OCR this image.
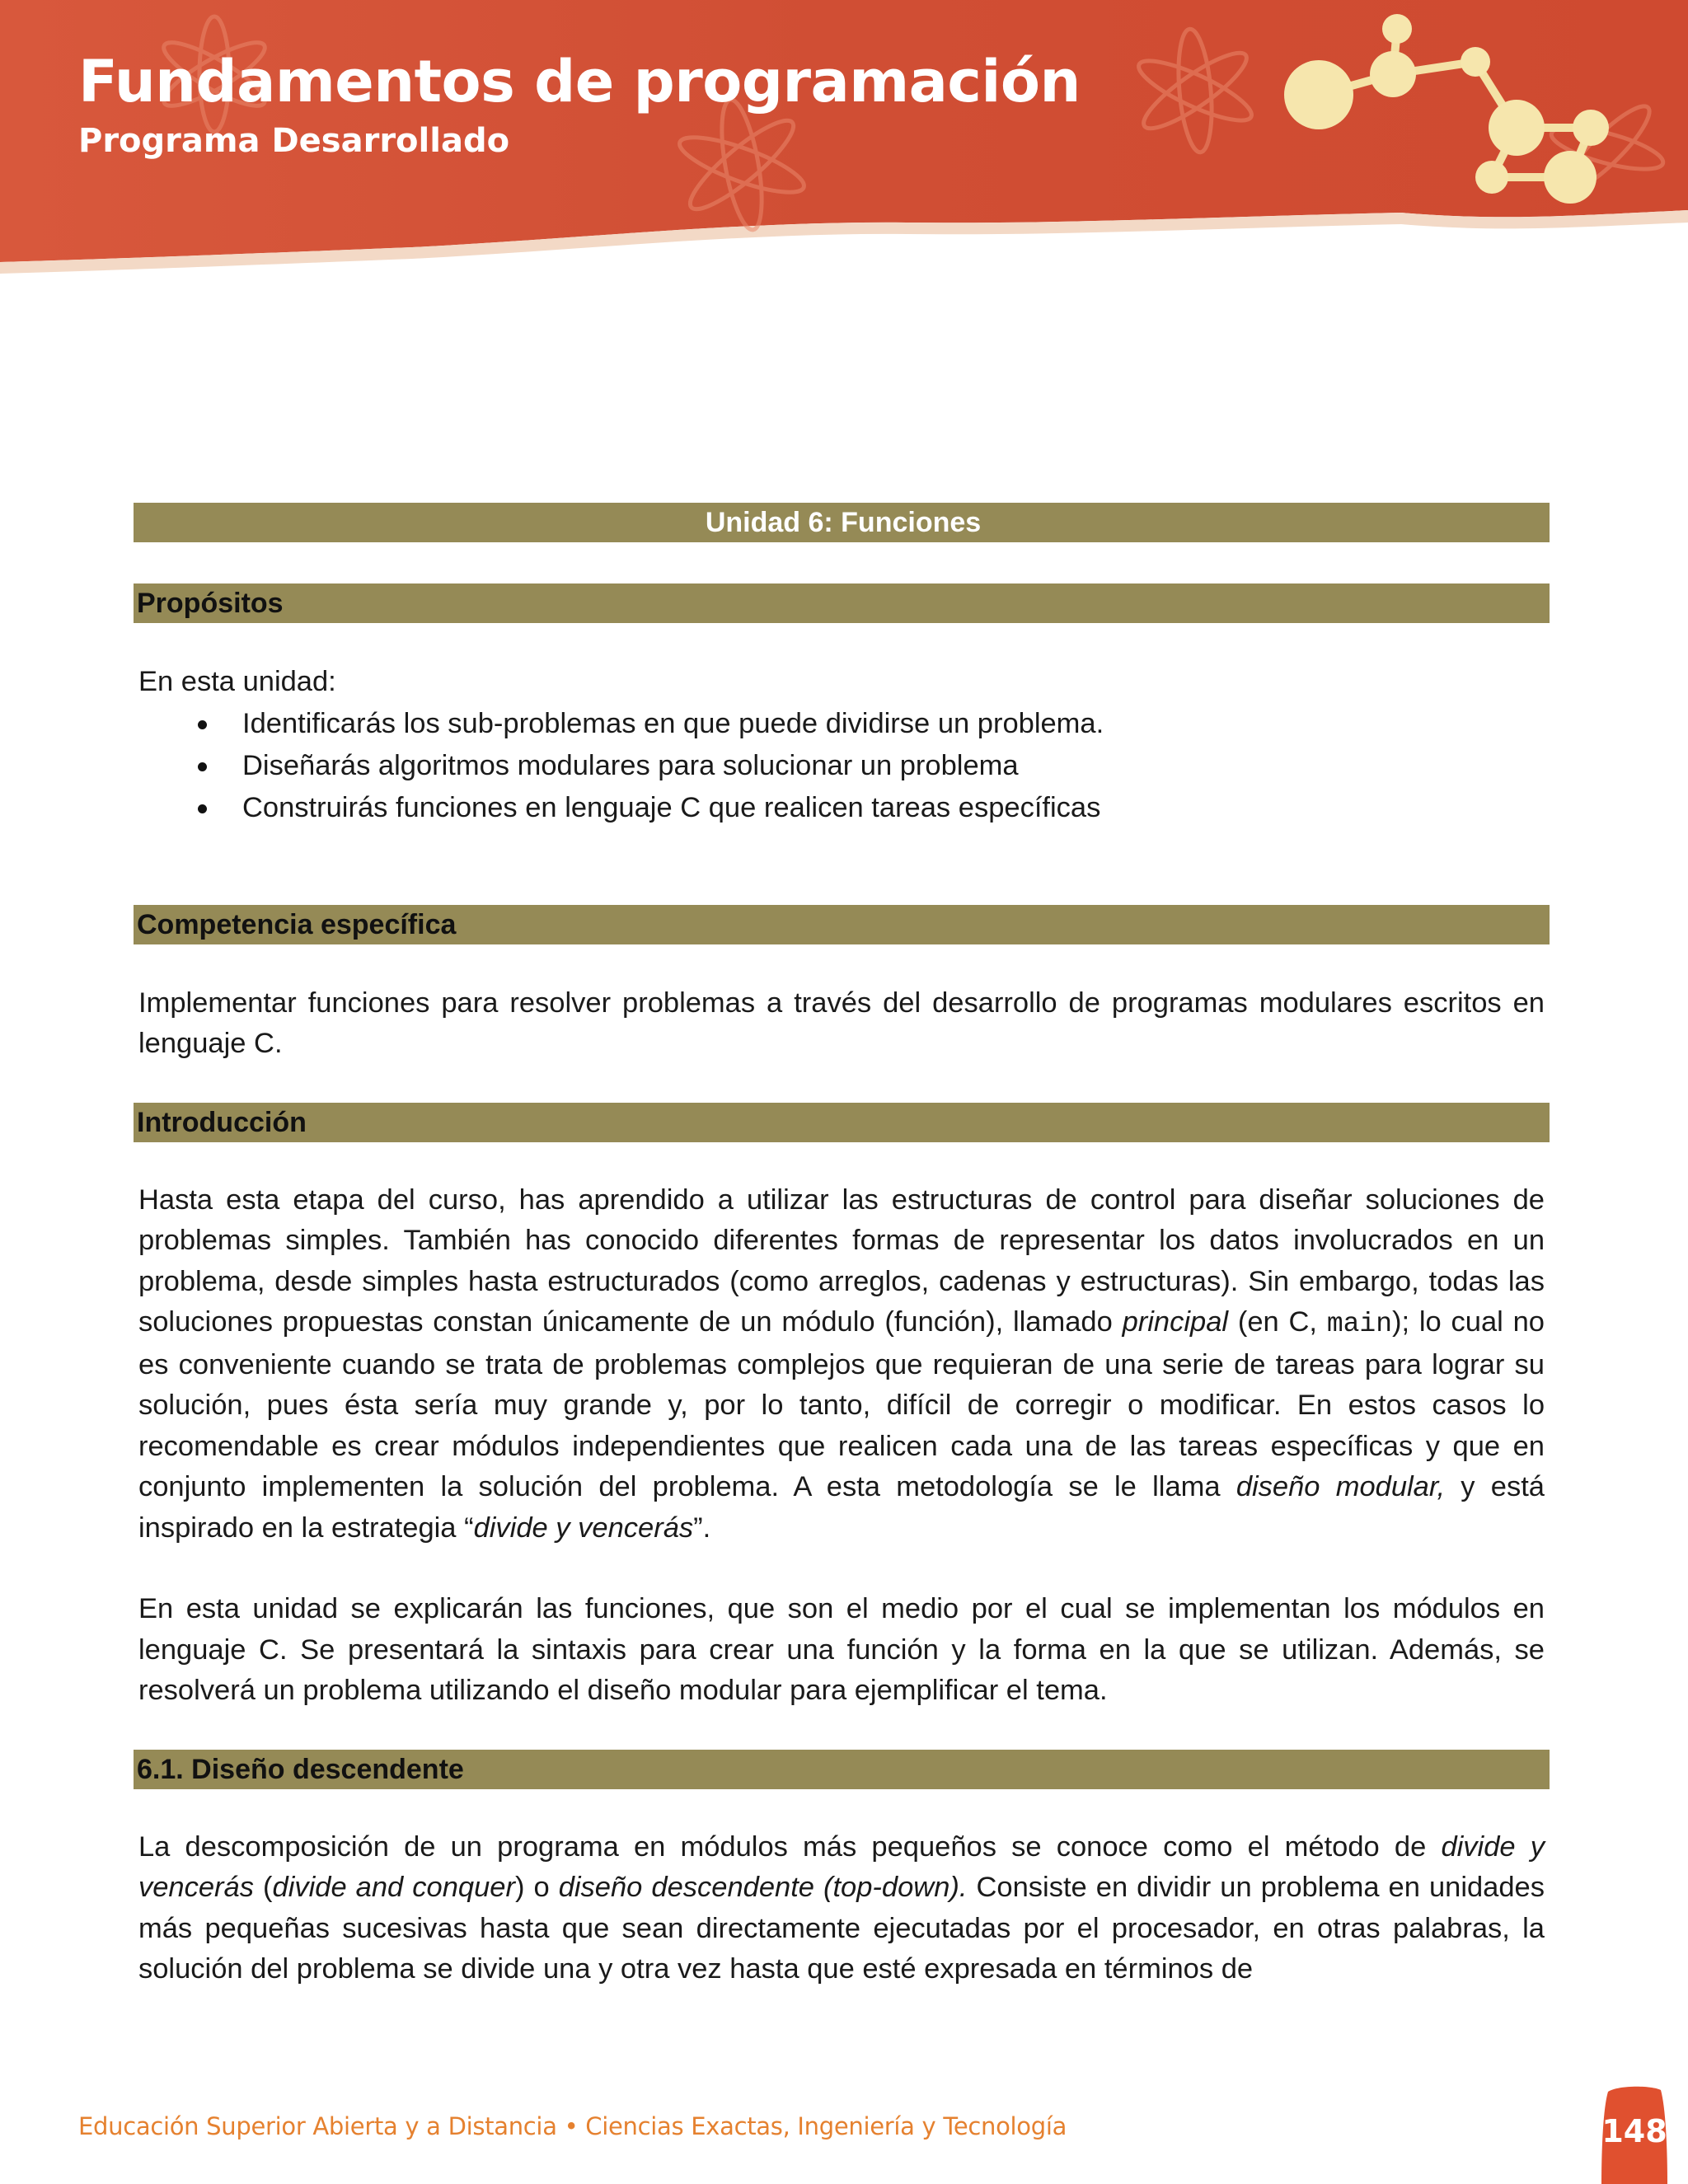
Fundamentos de programación
Programa Desarrollado
Unidad 6: Funciones
Propósitos

En esta unidad:

Identificarás los sub-problemas en que puede dividirse un problema.
Diseñarás algoritmos modulares para solucionar un problema
Construirás funciones en lenguaje C que realicen tareas específicas
Competencia específica

Implementar funciones para resolver problemas a través del desarrollo de programas modulares escritos en lenguaje C.

Introducción

Hasta esta etapa del curso, has aprendido a utilizar las estructuras de control para diseñar soluciones de problemas simples. También has conocido diferentes formas de representar los datos involucrados en un problema, desde simples hasta estructurados (como arreglos, cadenas y estructuras). Sin embargo, todas las soluciones propuestas constan únicamente de un módulo (función), llamado principal (en C, main); lo cual no es conveniente cuando se trata de problemas complejos que requieran de una serie de tareas para lograr su solución, pues ésta sería muy grande y, por lo tanto, difícil de corregir o modificar. En estos casos lo recomendable es crear módulos independientes que realicen cada una de las tareas específicas y que en conjunto implementen la solución del problema. A esta metodología se le llama diseño modular, y está inspirado en la estrategia “divide y vencerás”.

En esta unidad se explicarán las funciones, que son el medio por el cual se implementan los módulos en lenguaje C. Se presentará la sintaxis para crear una función y la forma en la que se utilizan. Además, se resolverá un problema utilizando el diseño modular para ejemplificar el tema.

6.1. Diseño descendente

La descomposición de un programa en módulos más pequeños se conoce como el método de divide y vencerás (divide and conquer) o diseño descendente (top-down). Consiste en dividir un problema en unidades más pequeñas sucesivas hasta que sean directamente ejecutadas por el procesador, en otras palabras, la solución del problema se divide una y otra vez hasta que esté expresada en términos de

Educación Superior Abierta y a Distancia • Ciencias Exactas, Ingeniería y Tecnología	148
